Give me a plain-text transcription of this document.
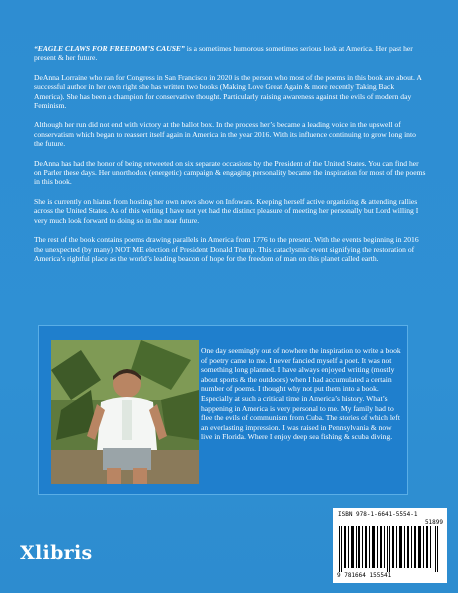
“EAGLE CLAWS FOR FREEDOM’S CAUSE” is a sometimes humorous sometimes serious look at America. Her past her present & her future.

DeAnna Lorraine who ran for Congress in San Francisco in 2020 is the person who most of the poems in this book are about. A successful author in her own right she has written two books (Making Love Great Again & more recently Taking Back America). She has been a champion for conservative thought. Particularly raising awareness against the evils of modern day Feminism.

Although her run did not end with victory at the ballot box. In the process her’s became a leading voice in the upswell of conservatism which began to reassert itself again in America in the year 2016. With its influence continuing to grow long into the future.

DeAnna has had the honor of being retweeted on six separate occasions by the President of the United States. You can find her on Parler these days. Her unorthodox (energetic) campaign & engaging personality became the inspiration for most of the poems in this book.

She is currently on hiatus from hosting her own news show on Infowars. Keeping herself active organizing & attending rallies across the United States. As of this writing I have not yet had the distinct pleasure of meeting her personally but Lord willing I very much look forward to doing so in the near future.

The rest of the book contains poems drawing parallels in America from 1776 to the present. With the events beginning in 2016 the unexpected (by many) NOT ME election of President Donald Trump. This cataclysmic event signifying the restoration of America’s rightful place as the world’s leading beacon of hope for the freedom of man on this planet called earth.

One day seemingly out of nowhere the inspiration to write a book of poetry came to me. I never fancied myself a poet. It was not something long planned. I have always enjoyed writing (mostly about sports & the outdoors) when I had accumulated a certain number of poems. I thought why not put them into a book. Especially at such a critical time in America’s history. What’s happening in America is very personal to me. My family had to flee the evils of communism from Cuba. The stories of which left an everlasting impression. I was raised in Pennsylvania & now live in Florida. Where I enjoy deep sea fishing & scuba diving.
Xlibris
ISBN 978-1-6641-5554-1
51899
9 781664 155541
